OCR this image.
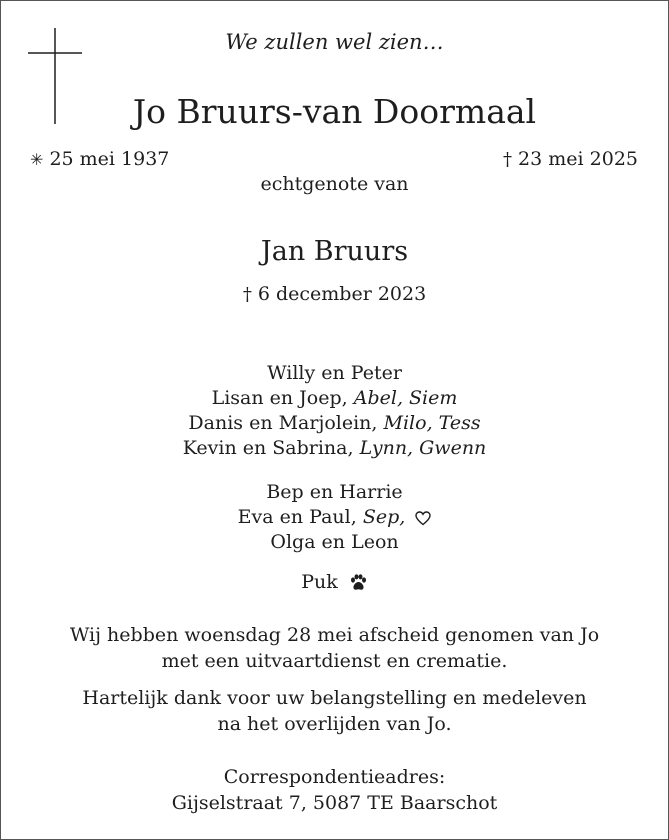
We zullen wel zien…
Jo Bruurs-van Doormaal
✳ 25 mei 1937	† 23 mei 2025
echtgenote van
Jan Bruurs
† 6 december 2023
Willy en Peter
Lisan en Joep, Abel, Siem
Danis en Marjolein, Milo, Tess
Kevin en Sabrina, Lynn, Gwenn
Bep en Harrie
Eva en Paul, Sep,
Olga en Leon
Puk
Wij hebben woensdag 28 mei afscheid genomen van Jo
met een uitvaartdienst en crematie.
Hartelijk dank voor uw belangstelling en medeleven
na het overlijden van Jo.
Correspondentieadres:
Gijselstraat 7, 5087 TE Baarschot
